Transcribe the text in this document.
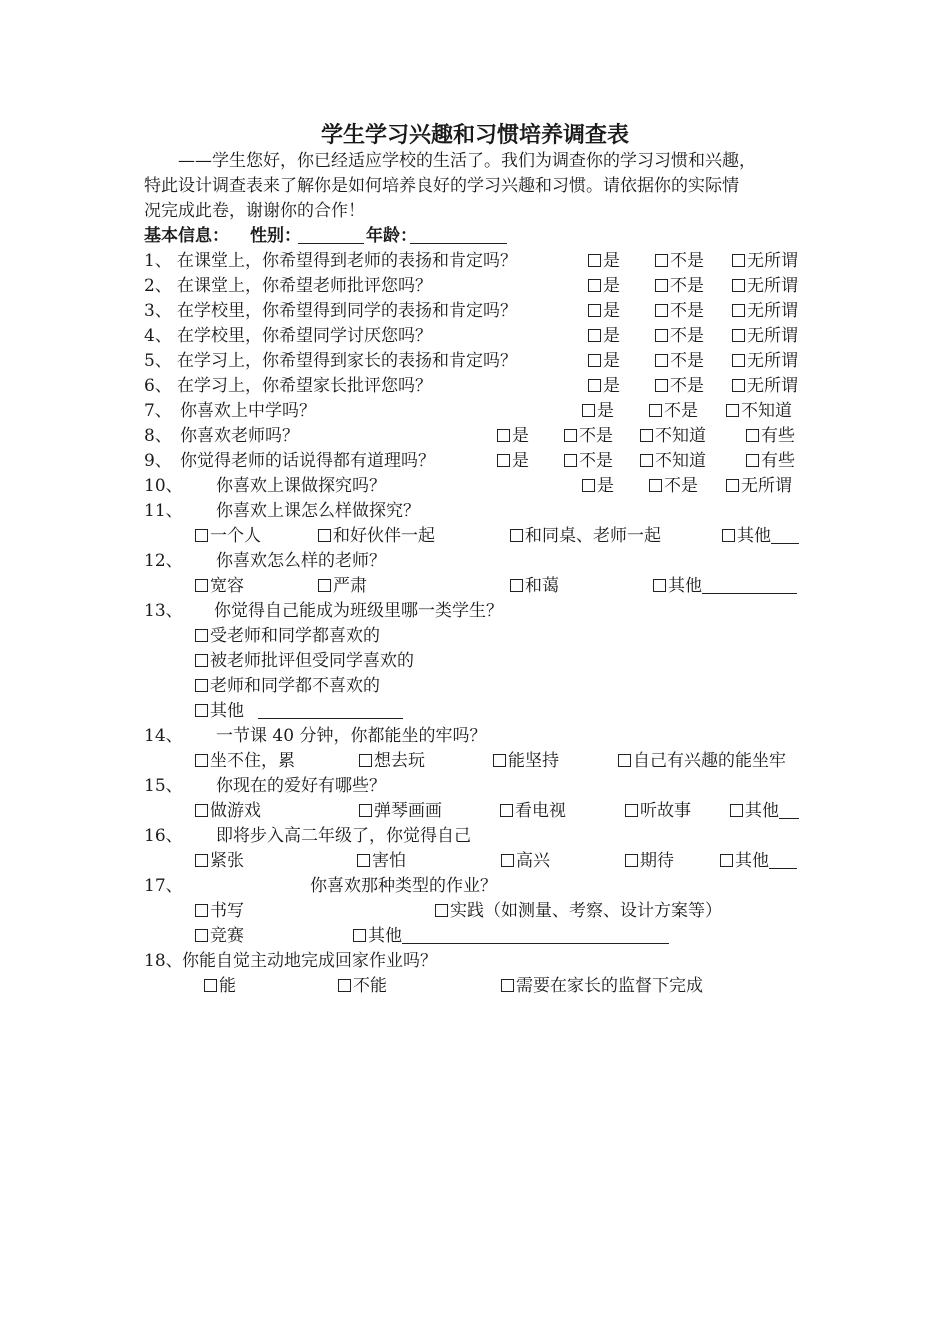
学生学习兴趣和习惯培养调查表
——学生您好，你已经适应学校的生活了。我们为调查你的学习习惯和兴趣，
特此设计调查表来了解你是如何培养良好的学习兴趣和习惯。请依据你的实际情
况完成此卷，谢谢你的合作！
基本信息： 性别：	年龄：
1、 在课堂上，你希望得到老师的表扬和肯定吗？	是	不是	无所谓
2、 在课堂上，你希望老师批评您吗？	是	不是	无所谓
3、 在学校里，你希望得到同学的表扬和肯定吗？	是	不是	无所谓
4、 在学校里，你希望同学讨厌您吗？	是	不是	无所谓
5、 在学习上，你希望得到家长的表扬和肯定吗？	是	不是	无所谓
6、 在学习上，你希望家长批评您吗？	是	不是	无所谓
7、 你喜欢上中学吗？	是	不是	不知道
8、 你喜欢老师吗？	是	不是	不知道	有些
9、 你觉得老师的话说得都有道理吗？	是	不是	不知道	有些
10、 你喜欢上课做探究吗？	是	不是	无所谓
11、 你喜欢上课怎么样做探究？
一个人	和好伙伴一起	和同桌、老师一起	其他
12、 你喜欢怎么样的老师？
宽容	严肃	和蔼	其他
13、 你觉得自己能成为班级里哪一类学生？
受老师和同学都喜欢的
被老师批评但受同学喜欢的
老师和同学都不喜欢的
其他
14、 一节课 40 分钟，你都能坐的牢吗？
坐不住，累	想去玩	能坚持	自己有兴趣的能坐牢
15、 你现在的爱好有哪些？
做游戏	弹琴画画	看电视	听故事	其他
16、 即将步入高二年级了，你觉得自己
紧张	害怕	高兴	期待	其他
17、	你喜欢那种类型的作业？
书写	实践（如测量、考察、设计方案等）
竞赛	其他
18、 你能自觉主动地完成回家作业吗？
能	不能	需要在家长的监督下完成
